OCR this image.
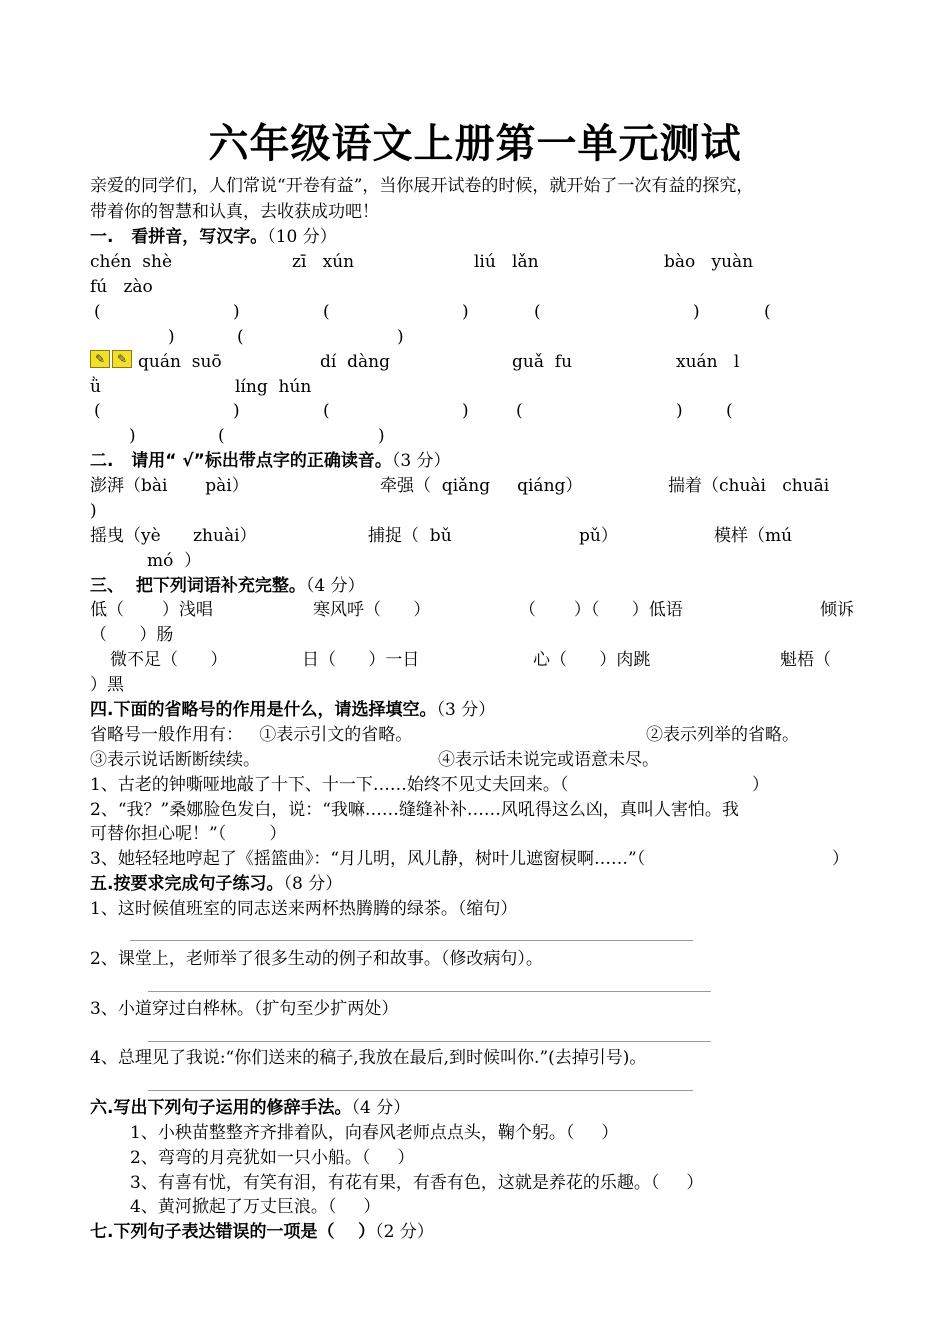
六年级语文上册第一单元测试
亲爱的同学们，人们常说“开卷有益”，当你展开试卷的时候，就开始了一次有益的探究，
带着你的智慧和认真，去收获成功吧！
一.   看拼音，写汉字。（10 分）
chén  shè	zī   xún	liú   lǎn	bào   yuàn
fú   zào
(	)	(	)	(	)	(
)	(	)
✎ ✎ quán  suō	dí  dàng	guǎ  fu	xuán   l
ǜ	líng  hún
(	)	(	)	(	)	(
)	(	)
二.   请用“ √”标出带点字的正确读音。（3 分）
澎湃（bài       pài）	牵强（  qiǎng     qiáng）	揣着（chuài   chuāi
)
摇曳（yè      zhuài）	捕捉（  bǔ	pǔ）	模样（mú
mó  ）
三、  把下列词语补充完整。（4 分）
低（       ）浅唱	寒风呼（      ）	（       ）（      ）低语	倾诉
（      ）肠
微不足（      ）	日（      ）一日	心（      ）肉跳	魁梧（
）黑
四.下面的省略号的作用是什么，请选择填空。（3 分）
省略号一般作用有：   ①表示引文的省略。	②表示列举的省略。
③表示说话断断续续。	④表示话未说完或语意未尽。
1、古老的钟嘶哑地敲了十下、十一下……始终不见丈夫回来。（	）
2、“我？”桑娜脸色发白，说：“我嘛……缝缝补补……风吼得这么凶，真叫人害怕。我
可替你担心呢！”（        ）
3、她轻轻地哼起了《摇篮曲》：“月儿明，风儿静，树叶儿遮窗棂啊……”（	）
五.按要求完成句子练习。（8 分）
1、这时候值班室的同志送来两杯热腾腾的绿茶。（缩句）
2、课堂上，老师举了很多生动的例子和故事。（修改病句）。
3、小道穿过白桦林。（扩句至少扩两处）
4、总理见了我说:“你们送来的稿子,我放在最后,到时候叫你.”(去掉引号)。
六.写出下列句子运用的修辞手法。（4 分）
1、小秧苗整整齐齐排着队，向春风老师点点头，鞠个躬。（     ）
2、弯弯的月亮犹如一只小船。（     ）
3、有喜有忧，有笑有泪，有花有果，有香有色，这就是养花的乐趣。（     ）
4、黄河掀起了万丈巨浪。（     ）
七.下列句子表达错误的一项是（    ）（2 分）
